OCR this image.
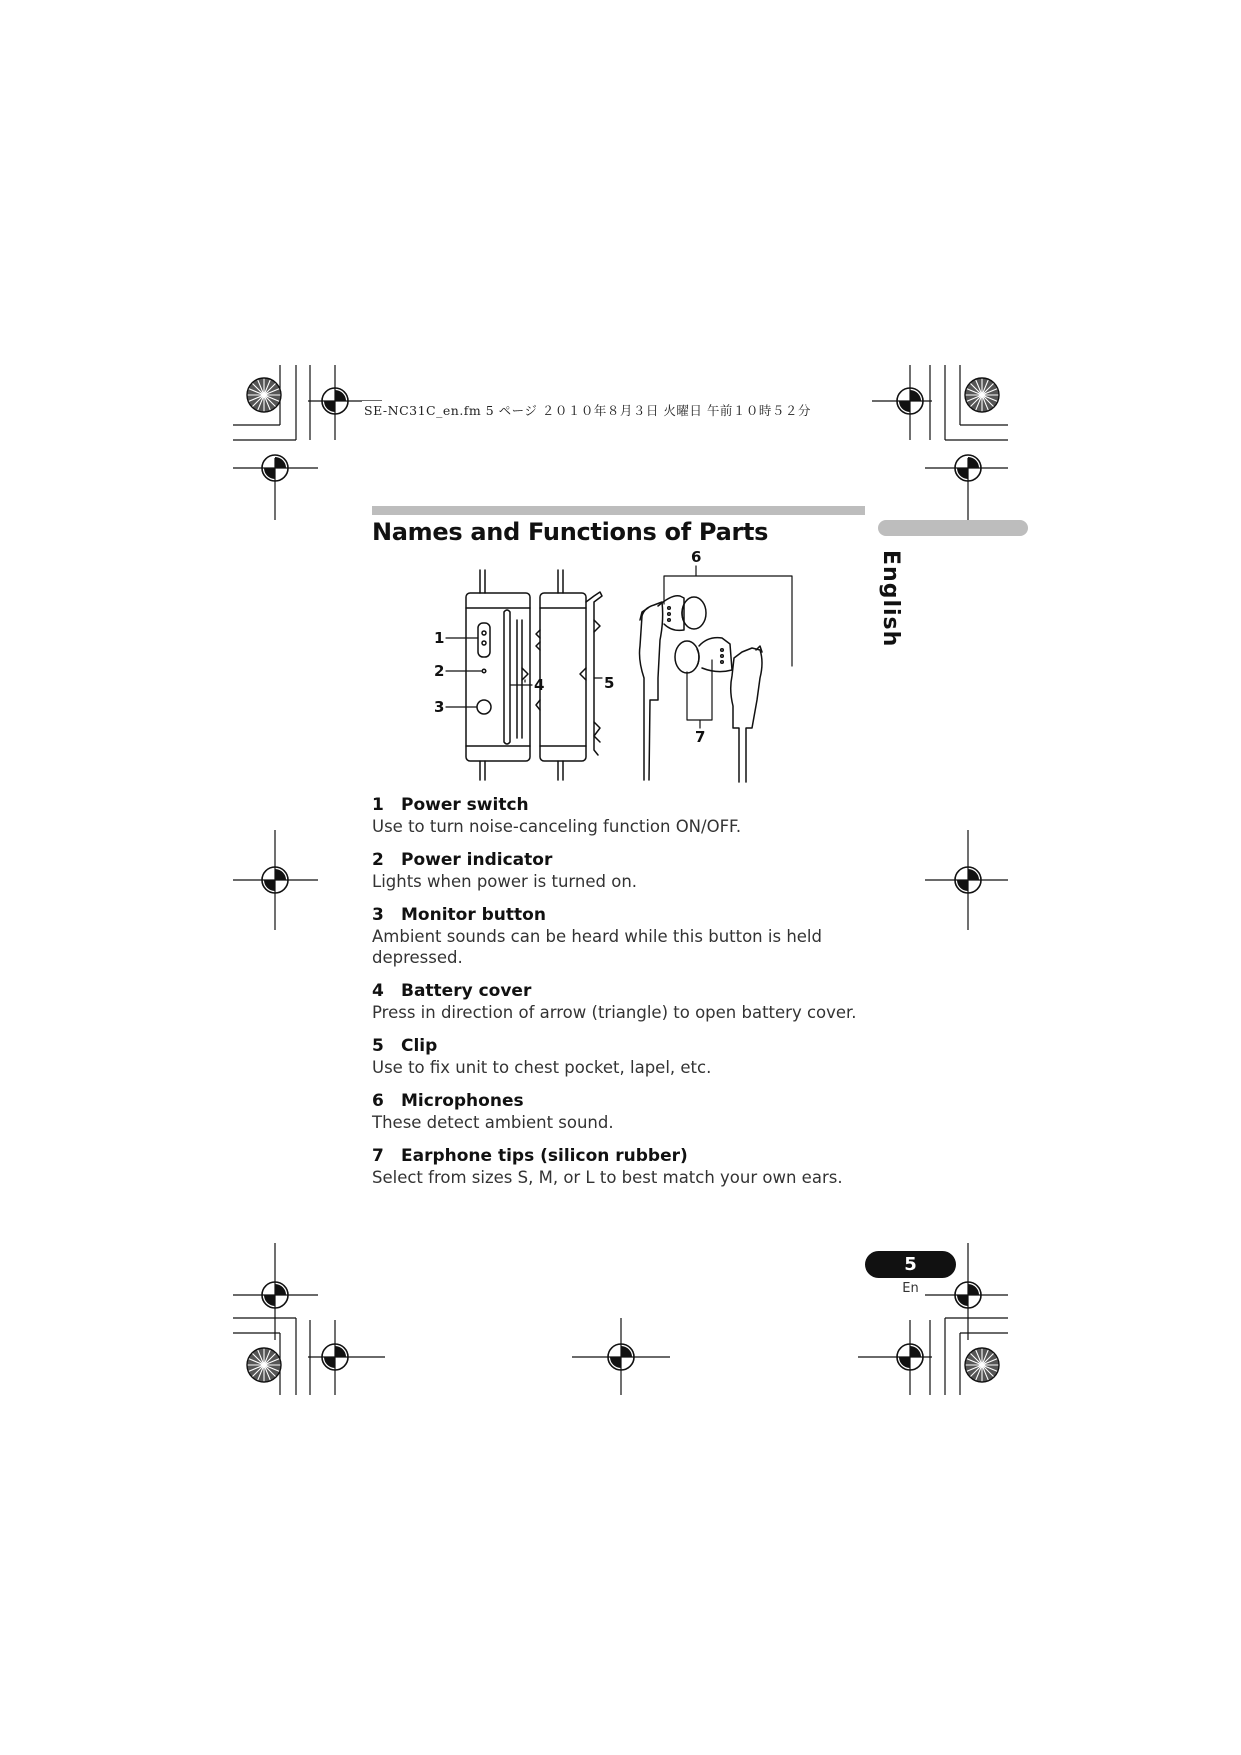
SE-NC31C_en.fm 5 ページ ２０１０年８月３日 火曜日 午前１０時５２分
Names and Functions of Parts
English
1
2
3
4	5
6
7
1 Power switch
Use to turn noise-canceling function ON/OFF.
2 Power indicator
Lights when power is turned on.
3 Monitor button
Ambient sounds can be heard while this button is held depressed.
4 Battery cover
Press in direction of arrow (triangle) to open battery cover.
5 Clip
Use to fix unit to chest pocket, lapel, etc.
6 Microphones
These detect ambient sound.
7 Earphone tips (silicon rubber)
Select from sizes S, M, or L to best match your own ears.
5
En
